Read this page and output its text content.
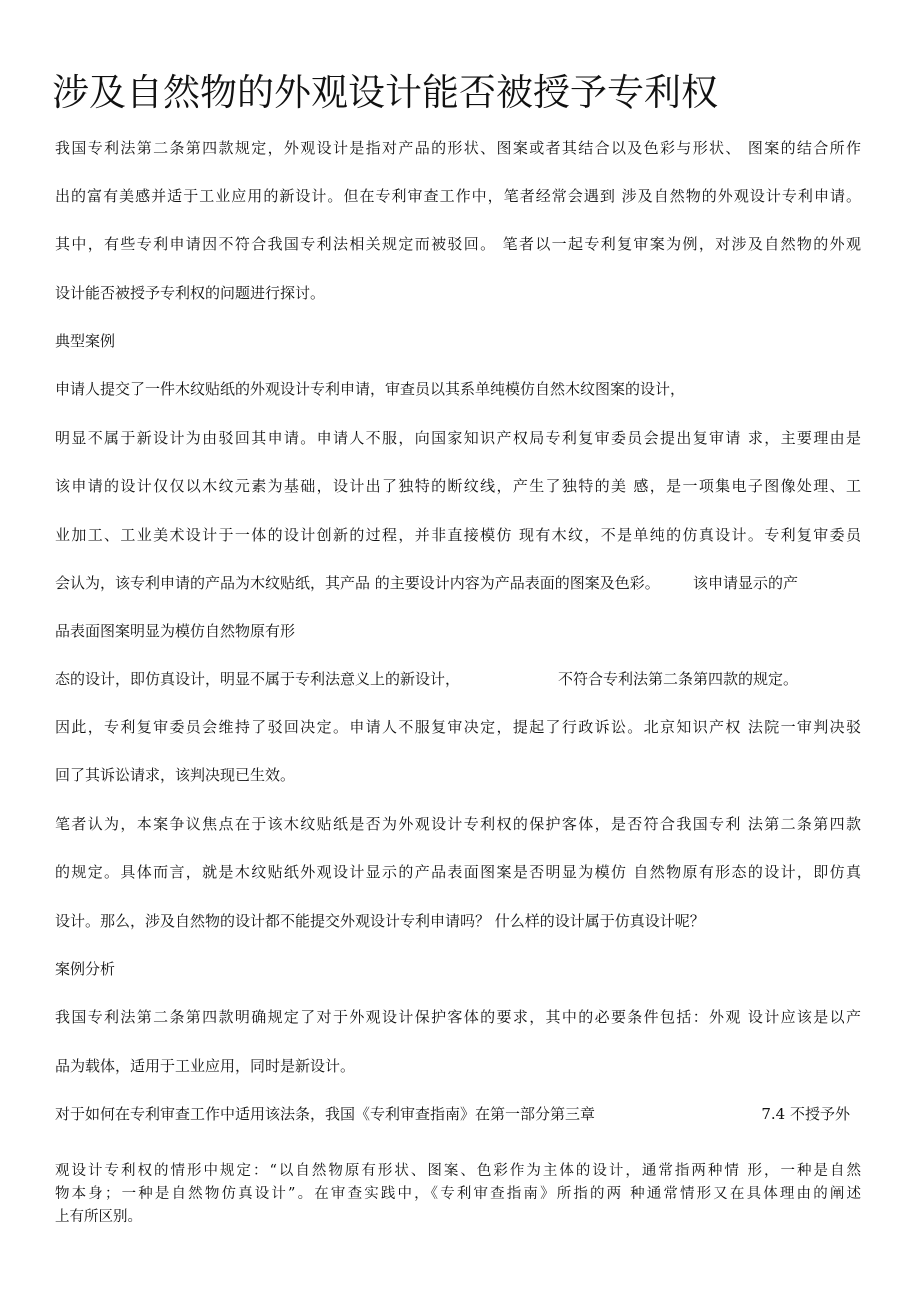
涉及自然物的外观设计能否被授予专利权
我国专利法第二条第四款规定，外观设计是指对产品的形状、图案或者其结合以及色彩与形状、 图案的结合所作
出的富有美感并适于工业应用的新设计。但在专利审查工作中，笔者经常会遇到 涉及自然物的外观设计专利申请。
其中，有些专利申请因不符合我国专利法相关规定而被驳回。 笔者以一起专利复审案为例，对涉及自然物的外观
设计能否被授予专利权的问题进行探讨。
典型案例
申请人提交了一件木纹贴纸的外观设计专利申请，审查员以其系单纯模仿自然木纹图案的设计，
明显不属于新设计为由驳回其申请。申请人不服，向国家知识产权局专利复审委员会提出复审请 求，主要理由是
该申请的设计仅仅以木纹元素为基础，设计出了独特的断纹线，产生了独特的美 感，是一项集电子图像处理、工
业加工、工业美术设计于一体的设计创新的过程，并非直接模仿 现有木纹，不是单纯的仿真设计。专利复审委员
会认为，该专利申请的产品为木纹贴纸，其产品 的主要设计内容为产品表面的图案及色彩。 该申请显示的产
品表面图案明显为模仿自然物原有形
态的设计，即仿真设计，明显不属于专利法意义上的新设计，	不符合专利法第二条第四款的规定。
因此，专利复审委员会维持了驳回决定。申请人不服复审决定，提起了行政诉讼。北京知识产权 法院一审判决驳
回了其诉讼请求，该判决现已生效。
笔者认为，本案争议焦点在于该木纹贴纸是否为外观设计专利权的保护客体，是否符合我国专利 法第二条第四款
的规定。具体而言，就是木纹贴纸外观设计显示的产品表面图案是否明显为模仿 自然物原有形态的设计，即仿真
设计。那么，涉及自然物的设计都不能提交外观设计专利申请吗？ 什么样的设计属于仿真设计呢？
案例分析
我国专利法第二条第四款明确规定了对于外观设计保护客体的要求，其中的必要条件包括：外观 设计应该是以产
品为载体，适用于工业应用，同时是新设计。
对于如何在专利审查工作中适用该法条，我国《专利审查指南》在第一部分第三章	7.4 不授予外
观设计专利权的情形中规定：“以自然物原有形状、图案、色彩作为主体的设计，通常指两种情 形，一种是自然
物本身；一种是自然物仿真设计”。在审查实践中，《专利审查指南》所指的两 种通常情形又在具体理由的阐述
上有所区别。
